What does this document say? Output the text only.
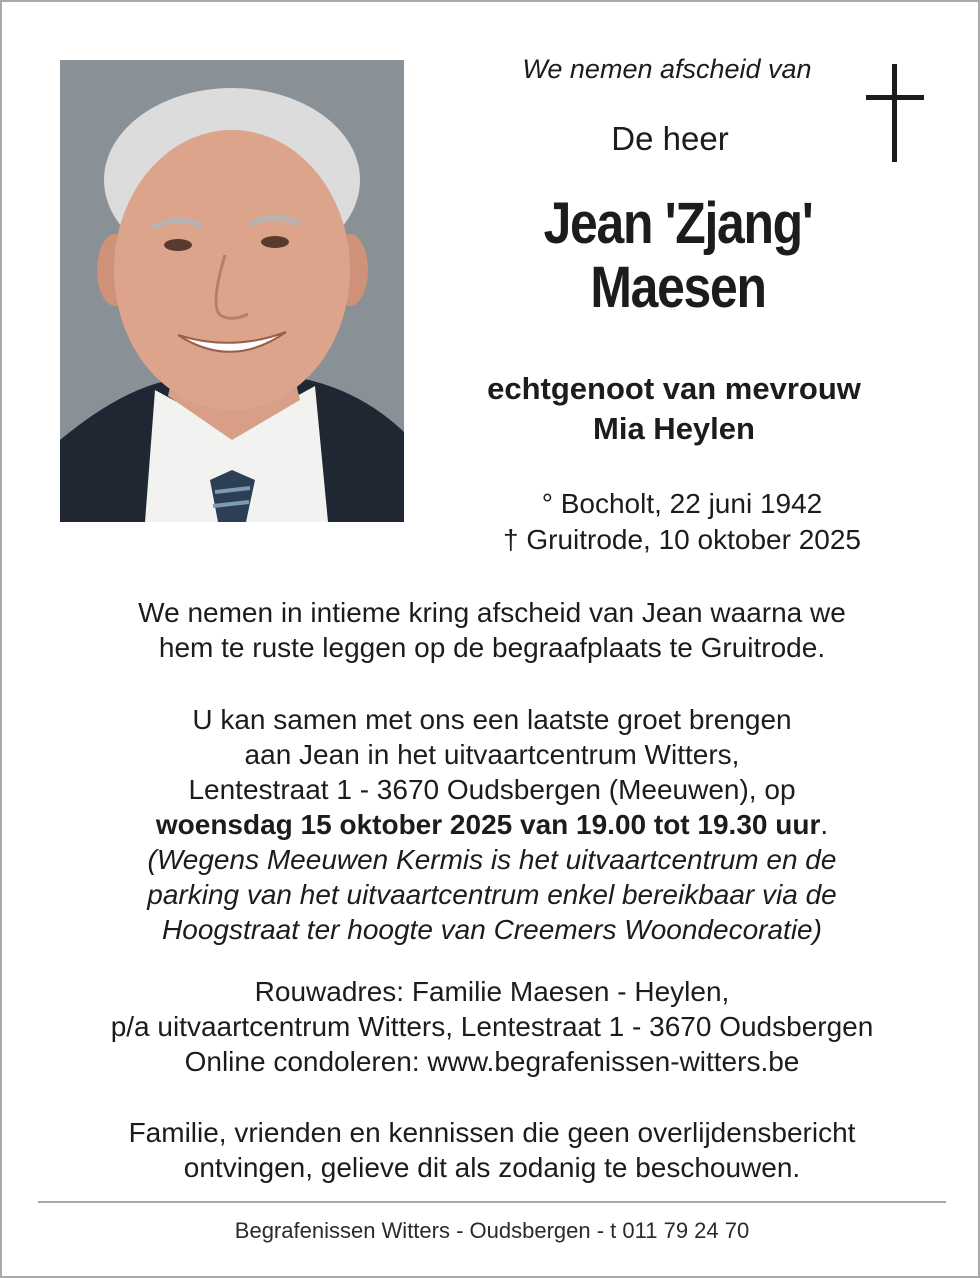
We nemen afscheid van
De heer
Jean 'Zjang'
Maesen
echtgenoot van mevrouw
Mia Heylen
° Bocholt, 22 juni 1942
† Gruitrode, 10 oktober 2025
We nemen in intieme kring afscheid van Jean waarna we
hem te ruste leggen op de begraafplaats te Gruitrode.
U kan samen met ons een laatste groet brengen
aan Jean in het uitvaartcentrum Witters,
Lentestraat 1 - 3670 Oudsbergen (Meeuwen), op
woensdag 15 oktober 2025 van 19.00 tot 19.30 uur.
(Wegens Meeuwen Kermis is het uitvaartcentrum en de
parking van het uitvaartcentrum enkel bereikbaar via de
Hoogstraat ter hoogte van Creemers Woondecoratie)
Rouwadres: Familie Maesen - Heylen,
p/a uitvaartcentrum Witters, Lentestraat 1 - 3670 Oudsbergen
Online condoleren: www.begrafenissen-witters.be
Familie, vrienden en kennissen die geen overlijdensbericht
ontvingen, gelieve dit als zodanig te beschouwen.
Begrafenissen Witters - Oudsbergen - t 011 79 24 70
